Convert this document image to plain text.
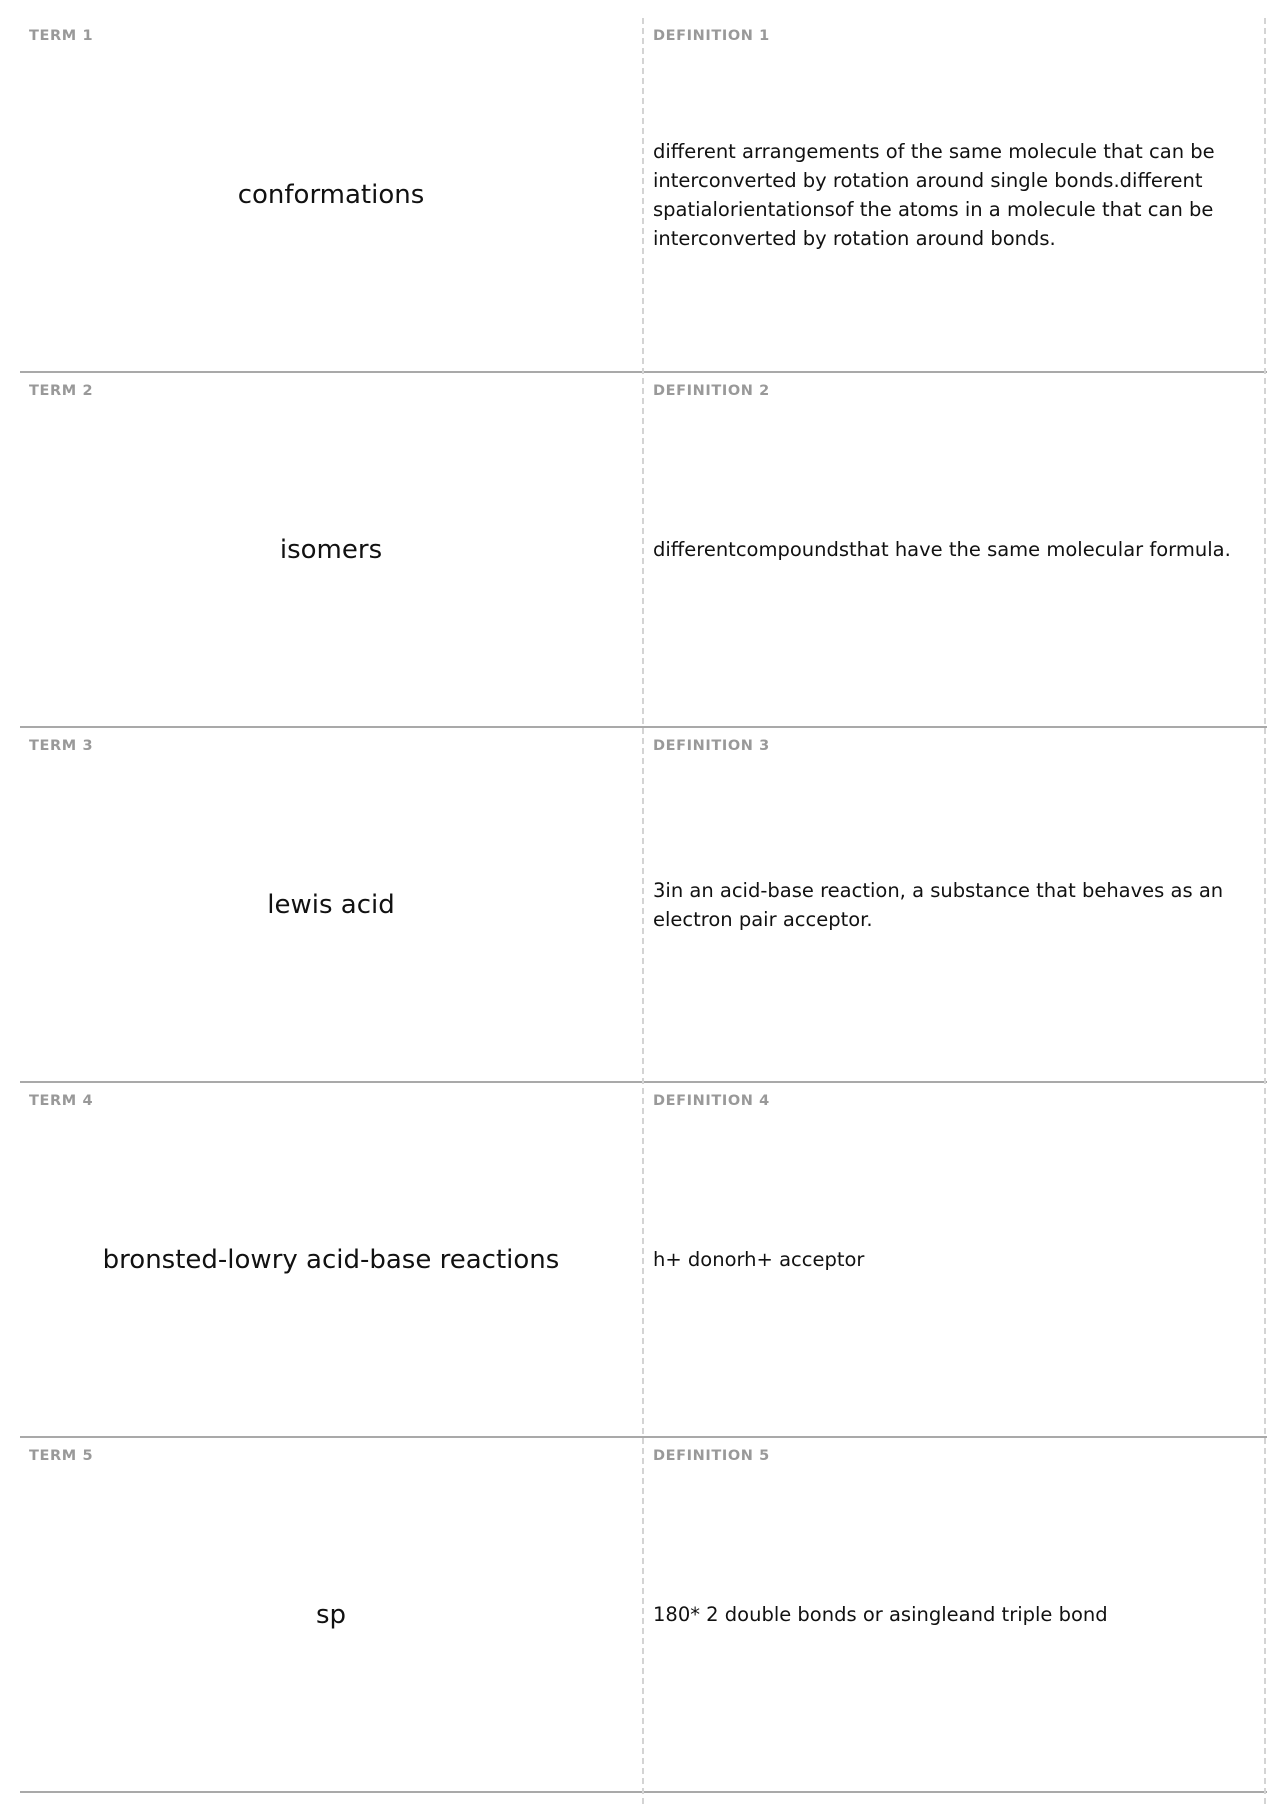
TERM 1
conformations
DEFINITION 1
different arrangements of the same molecule that can be interconverted by rotation around single bonds.different spatialorientationsof the atoms in a molecule that can be interconverted by rotation around bonds.
TERM 2
isomers
DEFINITION 2
differentcompoundsthat have the same molecular formula.
TERM 3
lewis acid
DEFINITION 3
3in an acid-base reaction, a substance that behaves as an electron pair acceptor.
TERM 4
bronsted-lowry acid-base reactions
DEFINITION 4
h+ donorh+ acceptor
TERM 5
sp
DEFINITION 5
180* 2 double bonds or asingleand triple bond
